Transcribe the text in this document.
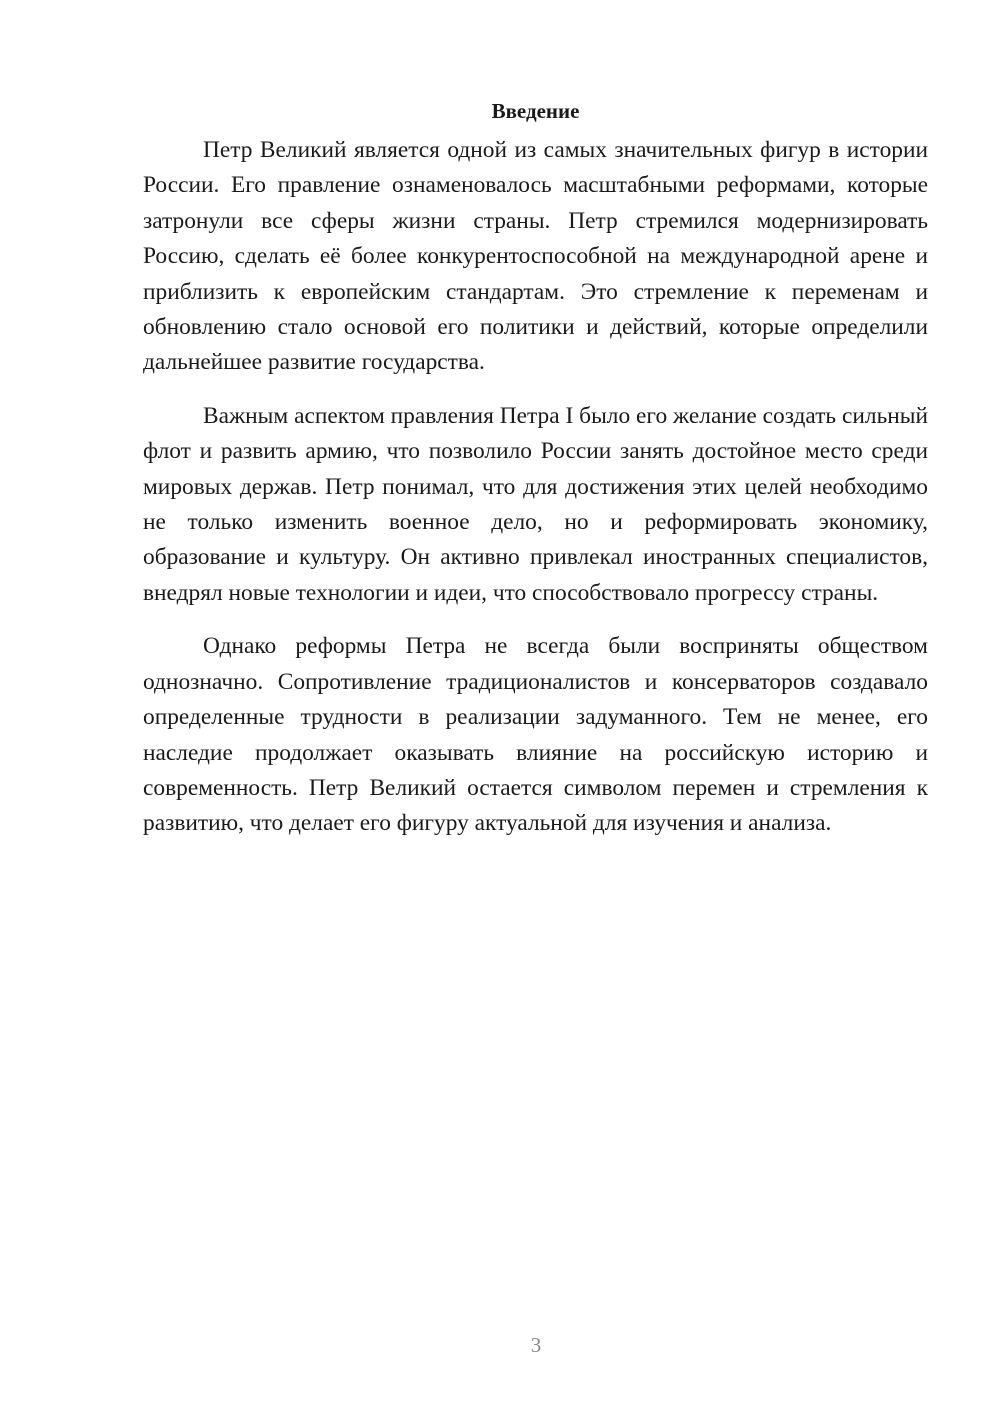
Введение

Петр Великий является одной из самых значительных фигур в истории России. Его правление ознаменовалось масштабными реформами, которые затронули все сферы жизни страны. Петр стремился модернизировать Россию, сделать её более конкурентоспособной на международной арене и приблизить к европейским стандартам. Это стремление к переменам и обновлению стало основой его политики и действий, которые определили дальнейшее развитие государства.

Важным аспектом правления Петра I было его желание создать сильный флот и развить армию, что позволило России занять достойное место среди мировых держав. Петр понимал, что для достижения этих целей необходимо не только изменить военное дело, но и реформировать экономику, образование и культуру. Он активно привлекал иностранных специалистов, внедрял новые технологии и идеи, что способствовало прогрессу страны.

Однако реформы Петра не всегда были восприняты обществом однозначно. Сопротивление традиционалистов и консерваторов создавало определенные трудности в реализации задуманного. Тем не менее, его наследие продолжает оказывать влияние на российскую историю и современность. Петр Великий остается символом перемен и стремления к развитию, что делает его фигуру актуальной для изучения и анализа.

3
